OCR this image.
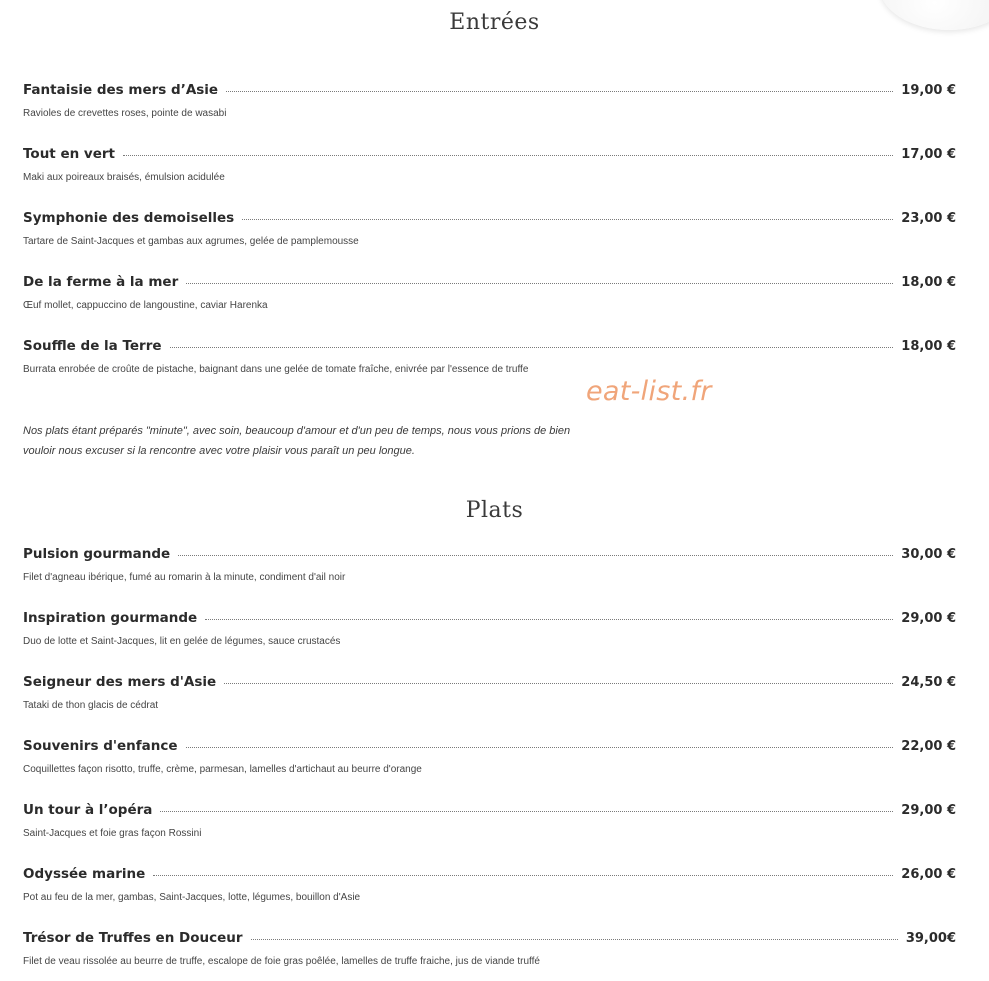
Entrées
Fantaisie des mers d’Asie	19,00 €
Ravioles de crevettes roses, pointe de wasabi
Tout en vert	17,00 €
Maki aux poireaux braisés, émulsion acidulée
Symphonie des demoiselles	23,00 €
Tartare de Saint-Jacques et gambas aux agrumes, gelée de pamplemousse
De la ferme à la mer	18,00 €
Œuf mollet, cappuccino de langoustine, caviar Harenka
Souffle de la Terre	18,00 €
Burrata enrobée de croûte de pistache, baignant dans une gelée de tomate fraîche, enivrée par l'essence de truffe
eat-list.fr
Nos plats étant préparés "minute", avec soin, beaucoup d'amour et d'un peu de temps, nous vous prions de bien
vouloir nous excuser si la rencontre avec votre plaisir vous paraît un peu longue.
Plats
Pulsion gourmande	30,00 €
Filet d'agneau ibérique, fumé au romarin à la minute, condiment d'ail noir
Inspiration gourmande	29,00 €
Duo de lotte et Saint-Jacques, lit en gelée de légumes, sauce crustacés
Seigneur des mers d'Asie	24,50 €
Tataki de thon glacis de cédrat
Souvenirs d'enfance	22,00 €
Coquillettes façon risotto, truffe, crème, parmesan, lamelles d'artichaut au beurre d'orange
Un tour à l’opéra	29,00 €
Saint-Jacques et foie gras façon Rossini
Odyssée marine	26,00 €
Pot au feu de la mer, gambas, Saint-Jacques, lotte, légumes, bouillon d'Asie
Trésor de Truffes en Douceur	39,00€
Filet de veau rissolée au beurre de truffe, escalope de foie gras poêlée, lamelles de truffe fraiche, jus de viande truffé
